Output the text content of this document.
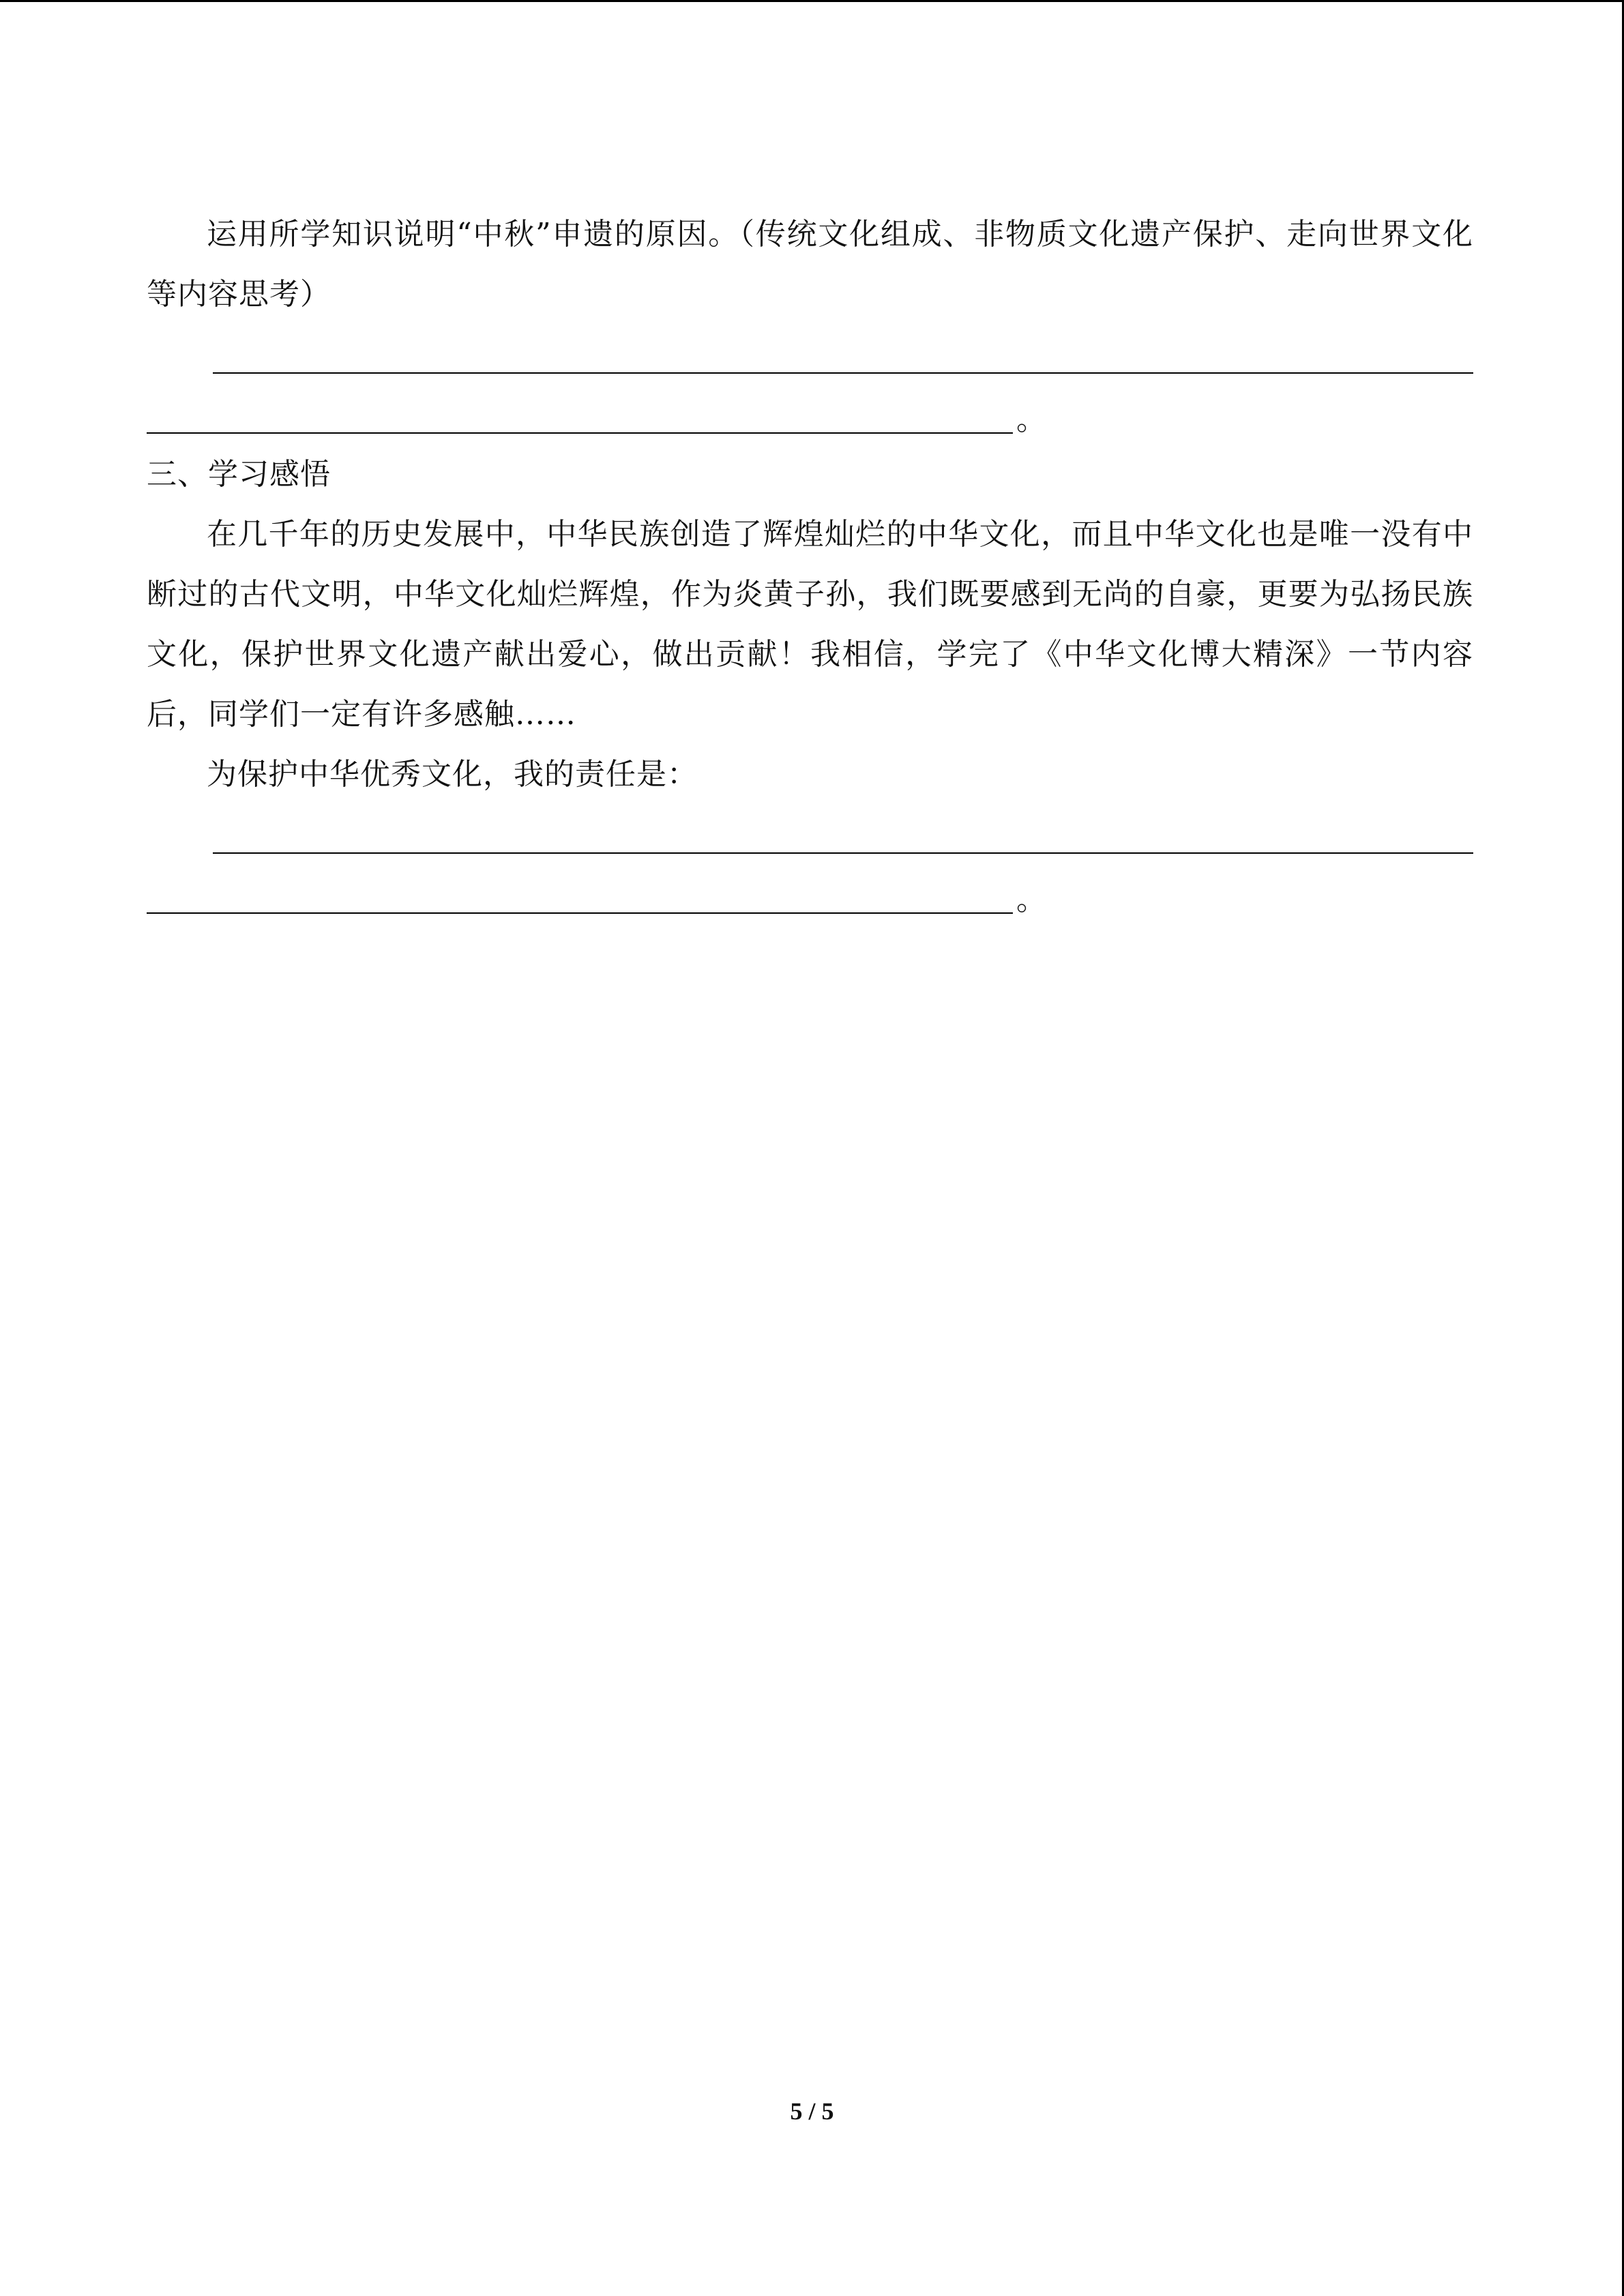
运用所学知识说明“中秋”申遗的原因。（传统文化组成、非物质文化遗产保护、走向世界文化等内容思考）

。

三、学习感悟

在几千年的历史发展中，中华民族创造了辉煌灿烂的中华文化，而且中华文化也是唯一没有中断过的古代文明，中华文化灿烂辉煌，作为炎黄子孙，我们既要感到无尚的自豪，更要为弘扬民族文化，保护世界文化遗产献出爱心，做出贡献！我相信，学完了《中华文化博大精深》一节内容后，同学们一定有许多感触……

为保护中华优秀文化，我的责任是：

。
5 / 5
